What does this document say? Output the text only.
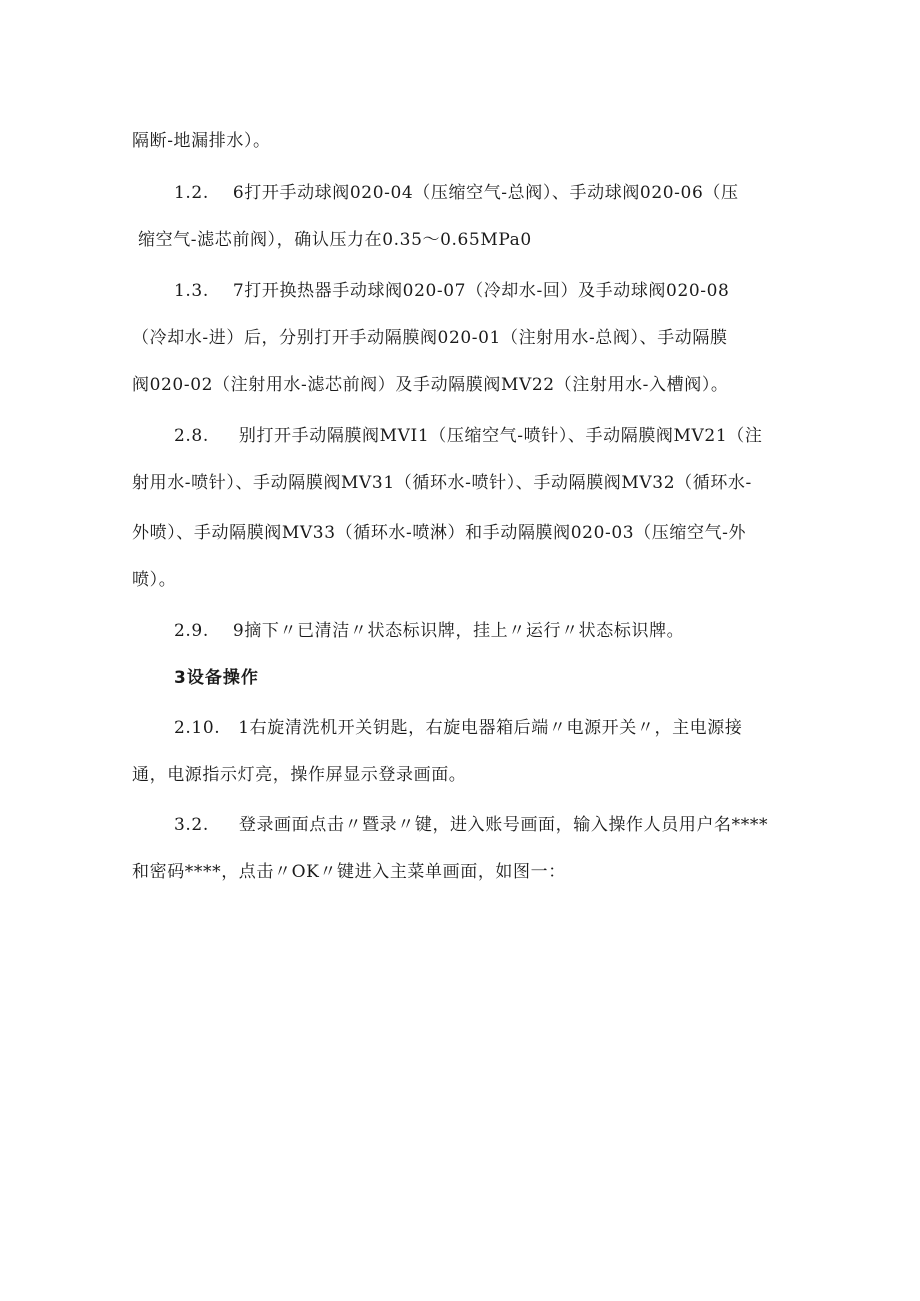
隔断-地漏排水）。
1.2.    6打开手动球阀020-04（压缩空气-总阀）、手动球阀020-06（压
缩空气-滤芯前阀），确认压力在0.35～0.65MPa0
1.3.    7打开换热器手动球阀020-07（冷却水-回）及手动球阀020-08
（冷却水-进）后，分别打开手动隔膜阀020-01（注射用水-总阀）、手动隔膜
阀020-02（注射用水-滤芯前阀）及手动隔膜阀MV22（注射用水-入槽阀）。
2.8.     别打开手动隔膜阀MVI1（压缩空气-喷针）、手动隔膜阀MV21（注
射用水-喷针）、手动隔膜阀MV31（循环水-喷针）、手动隔膜阀MV32（循环水-
外喷）、手动隔膜阀MV33（循环水-喷淋）和手动隔膜阀020-03（压缩空气-外
喷）。
2.9.    9摘下〃已清洁〃状态标识牌，挂上〃运行〃状态标识牌。
3设备操作
2.10.   1右旋清洗机开关钥匙，右旋电器箱后端〃电源开关〃，主电源接
通，电源指示灯亮，操作屏显示登录画面。
3.2.     登录画面点击〃暨录〃键，进入账号画面，输入操作人员用户名****
和密码****，点击〃OK〃键进入主菜单画面，如图一：
